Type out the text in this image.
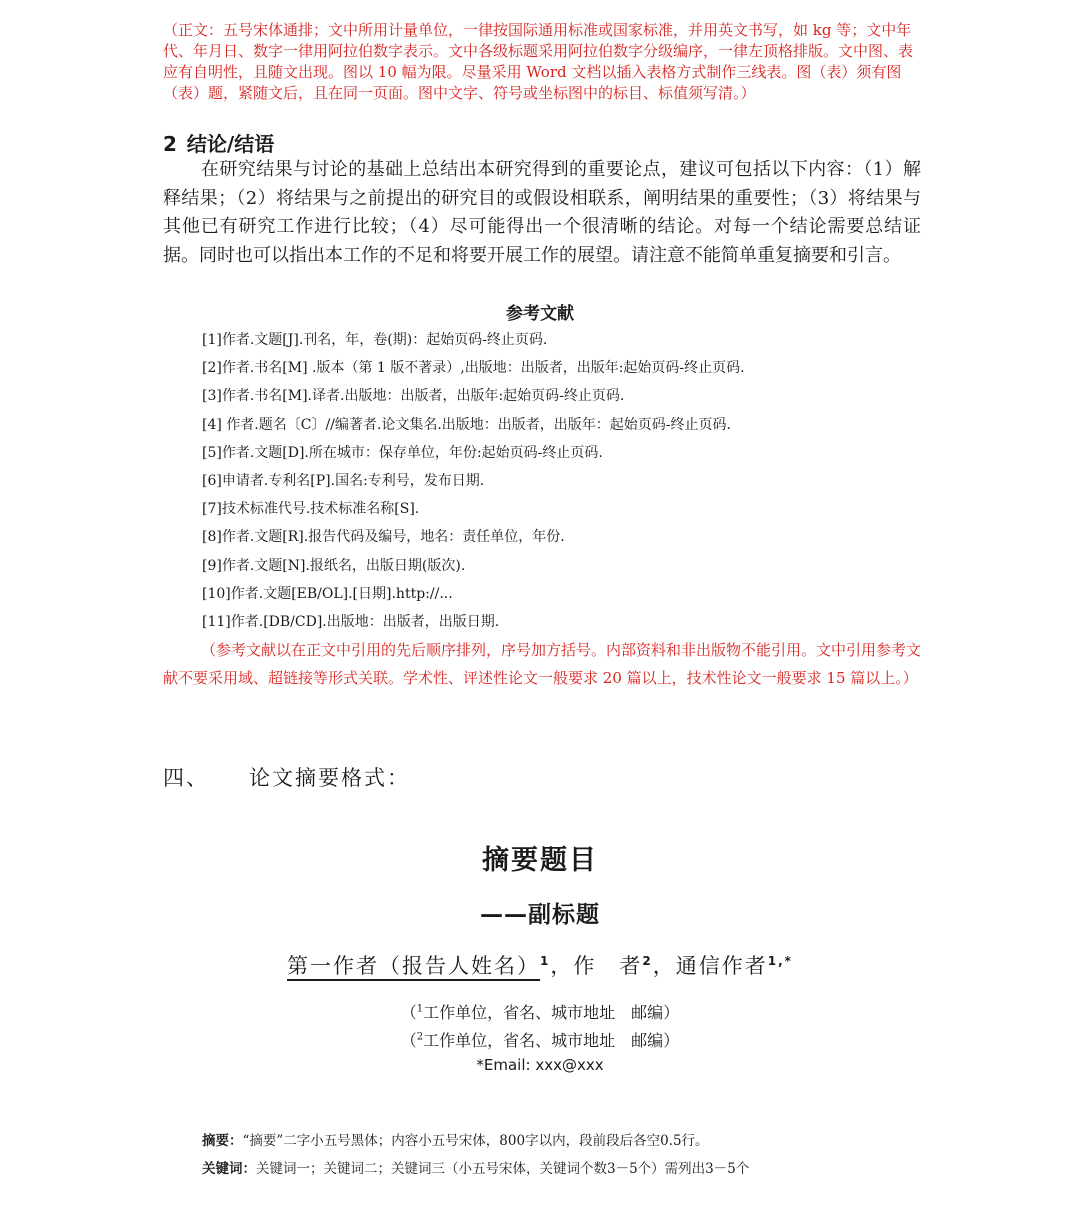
（正文：五号宋体通排；文中所用计量单位，一律按国际通用标准或国家标准，并用英文书写，如 kg 等；文中年代、年月日、数字一律用阿拉伯数字表示。文中各级标题采用阿拉伯数字分级编序，一律左顶格排版。文中图、表应有自明性，且随文出现。图以 10 幅为限。尽量采用 Word 文档以插入表格方式制作三线表。图（表）须有图（表）题，紧随文后，且在同一页面。图中文字、符号或坐标图中的标目、标值须写清。）
2 结论/结语
在研究结果与讨论的基础上总结出本研究得到的重要论点，建议可包括以下内容：（1）解释结果；（2）将结果与之前提出的研究目的或假设相联系，阐明结果的重要性；（3）将结果与其他已有研究工作进行比较；（4）尽可能得出一个很清晰的结论。对每一个结论需要总结证据。同时也可以指出本工作的不足和将要开展工作的展望。请注意不能简单重复摘要和引言。
参考文献
[1]作者.文题[J].刊名，年，卷(期)：起始页码-终止页码.
[2]作者.书名[M] .版本（第 1 版不著录）,出版地：出版者，出版年:起始页码-终止页码.
[3]作者.书名[M].译者.出版地：出版者，出版年:起始页码-终止页码.
[4] 作者.题名〔C〕//编著者.论文集名.出版地：出版者，出版年：起始页码-终止页码.
[5]作者.文题[D].所在城市：保存单位，年份:起始页码-终止页码.
[6]申请者.专利名[P].国名:专利号，发布日期.
[7]技术标准代号.技术标准名称[S].
[8]作者.文题[R].报告代码及编号，地名：责任单位，年份.
[9]作者.文题[N].报纸名，出版日期(版次).
[10]作者.文题[EB/OL].[日期].http://...
[11]作者.[DB/CD].出版地：出版者，出版日期.
（参考文献以在正文中引用的先后顺序排列，序号加方括号。内部资料和非出版物不能引用。文中引用参考文献不要采用域、超链接等形式关联。学术性、评述性论文一般要求 20 篇以上，技术性论文一般要求 15 篇以上。）
四、 论文摘要格式：
摘要题目
——副标题
第一作者（报告人姓名）$^1$，作　者$^2$，通信作者$^{1,*}$
（$^1$工作单位，省名、城市地址　邮编）
（$^2$工作单位，省名、城市地址　邮编）
*Email: xxx@xxx
摘要：“摘要”二字小五号黑体；内容小五号宋体，800字以内，段前段后各空0.5行。
关键词：关键词一；关键词二；关键词三（小五号宋体，关键词个数3－5个）需列出3－5个
